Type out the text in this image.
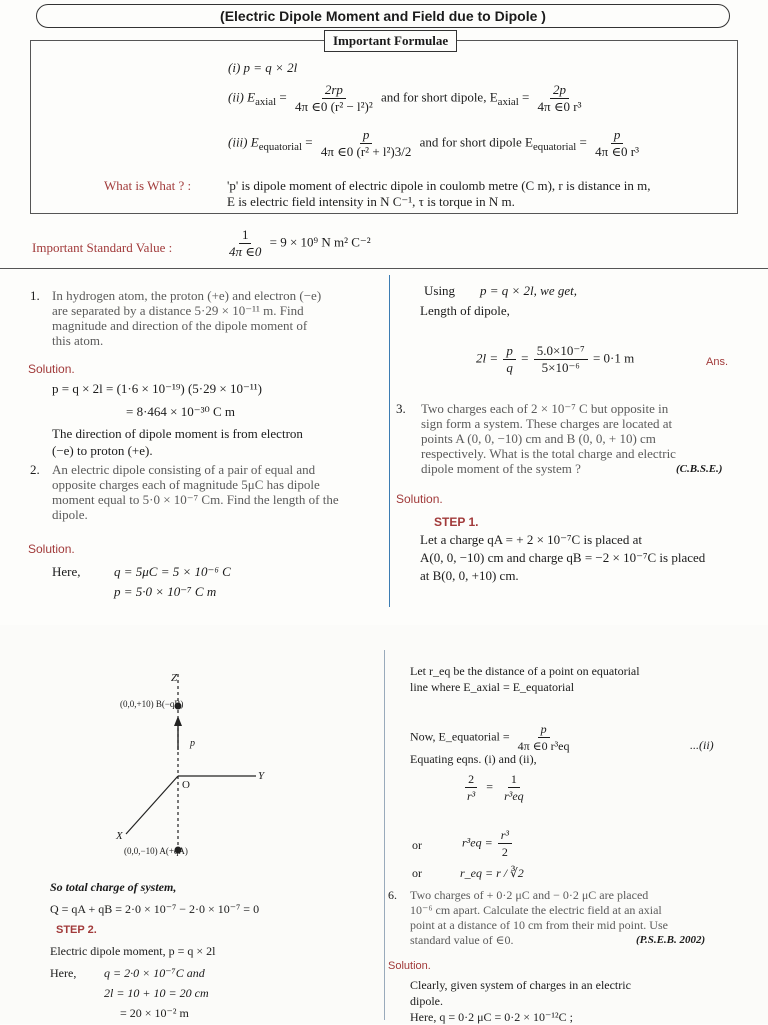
(Electric Dipole Moment and Field due to Dipole )
Important Formulae
(i) p = q × 2l
(ii) $E_{axial} = \frac{2rp}{\text{4π ∈0 (r² − l²)²}}$ and for short dipole, $E_{axial} = \frac{2p}{\text{4π ∈0 r³}}$
(iii) $E_{equatorial} = \frac{p}{\text{4π ∈0 (r² + l²)3/2}}$ and for short dipole $E_{equatorial} = \frac{p}{\text{4π ∈0 r³}}$
What is What ? :	'p' is dipole moment of electric dipole in coulomb metre (C m), r is distance in m,
E is electric field intensity in N C⁻¹, τ is torque in N m.
Important Standard Value :	$\frac{1}{4\pi \in 0} = 9 \times 10^9$ N m² C⁻²
1. In hydrogen atom, the proton (+e) and electron (−e)
are separated by a distance 5·29 × 10⁻¹¹ m. Find
magnitude and direction of the dipole moment of
this atom.
Solution.
p = q × 2l = (1·6 × 10⁻¹⁹) (5·29 × 10⁻¹¹)
= 8·464 × 10⁻³⁰ C m
The direction of dipole moment is from electron
(−e) to proton (+e).
2. An electric dipole consisting of a pair of equal and
opposite charges each of magnitude 5μC has dipole
moment equal to 5·0 × 10⁻⁷ Cm. Find the length of the
dipole.
Solution.
Here,	q = 5μC = 5 × 10⁻⁶ C
p = 5·0 × 10⁻⁷ C m
Using p = q × 2l, we get,
Length of dipole,
$2l = \frac{p}{q} = \frac{\text{5.0×10⁻⁷}}{\text{5×10⁻⁶}} = 0\cdot 1$ m	Ans.
3. Two charges each of 2 × 10⁻⁷ C but opposite in
sign form a system. These charges are located at
points A (0, 0, −10) cm and B (0, 0, + 10) cm
respectively. What is the total charge and electric
dipole moment of the system ?	(C.B.S.E.)
Solution.
STEP 1.
Let a charge qA = + 2 × 10⁻⁷C is placed at
A(0, 0, −10) cm and charge qB = −2 × 10⁻⁷C is placed
at B(0, 0, +10) cm.
Z
Y
X
O
(0,0,+10) B(−qB)
(0,0,−10) A(+qA)
p
So total charge of system,
Q = qA + qB = 2·0 × 10⁻⁷ − 2·0 × 10⁻⁷ = 0
STEP 2.
Electric dipole moment, p = q × 2l
Here, q = 2·0 × 10⁻⁷C and
2l = 10 + 10 = 20 cm
= 20 × 10⁻² m
Let r_eq be the distance of a point on equatorial
line where E_axial = E_equatorial
Now, E_equatorial = $\frac{p}{\text{4π ∈0 r³eq}}$	...(ii)
Equating eqns. (i) and (ii),
$\frac{2}{\text{r³}} = \frac{1}{\text{r³eq}}$
or	$r^3eq = \frac{\text{r³}}{2}$
or	r_eq = r / ∛2
6. Two charges of + 0·2 μC and − 0·2 μC are placed
10⁻⁶ cm apart. Calculate the electric field at an axial
point at a distance of 10 cm from their mid point. Use
standard value of ∈0.	(P.S.E.B. 2002)
Solution.
Clearly, given system of charges in an electric
dipole.
Here, q = 0·2 μC = 0·2 × 10⁻¹²C ;
